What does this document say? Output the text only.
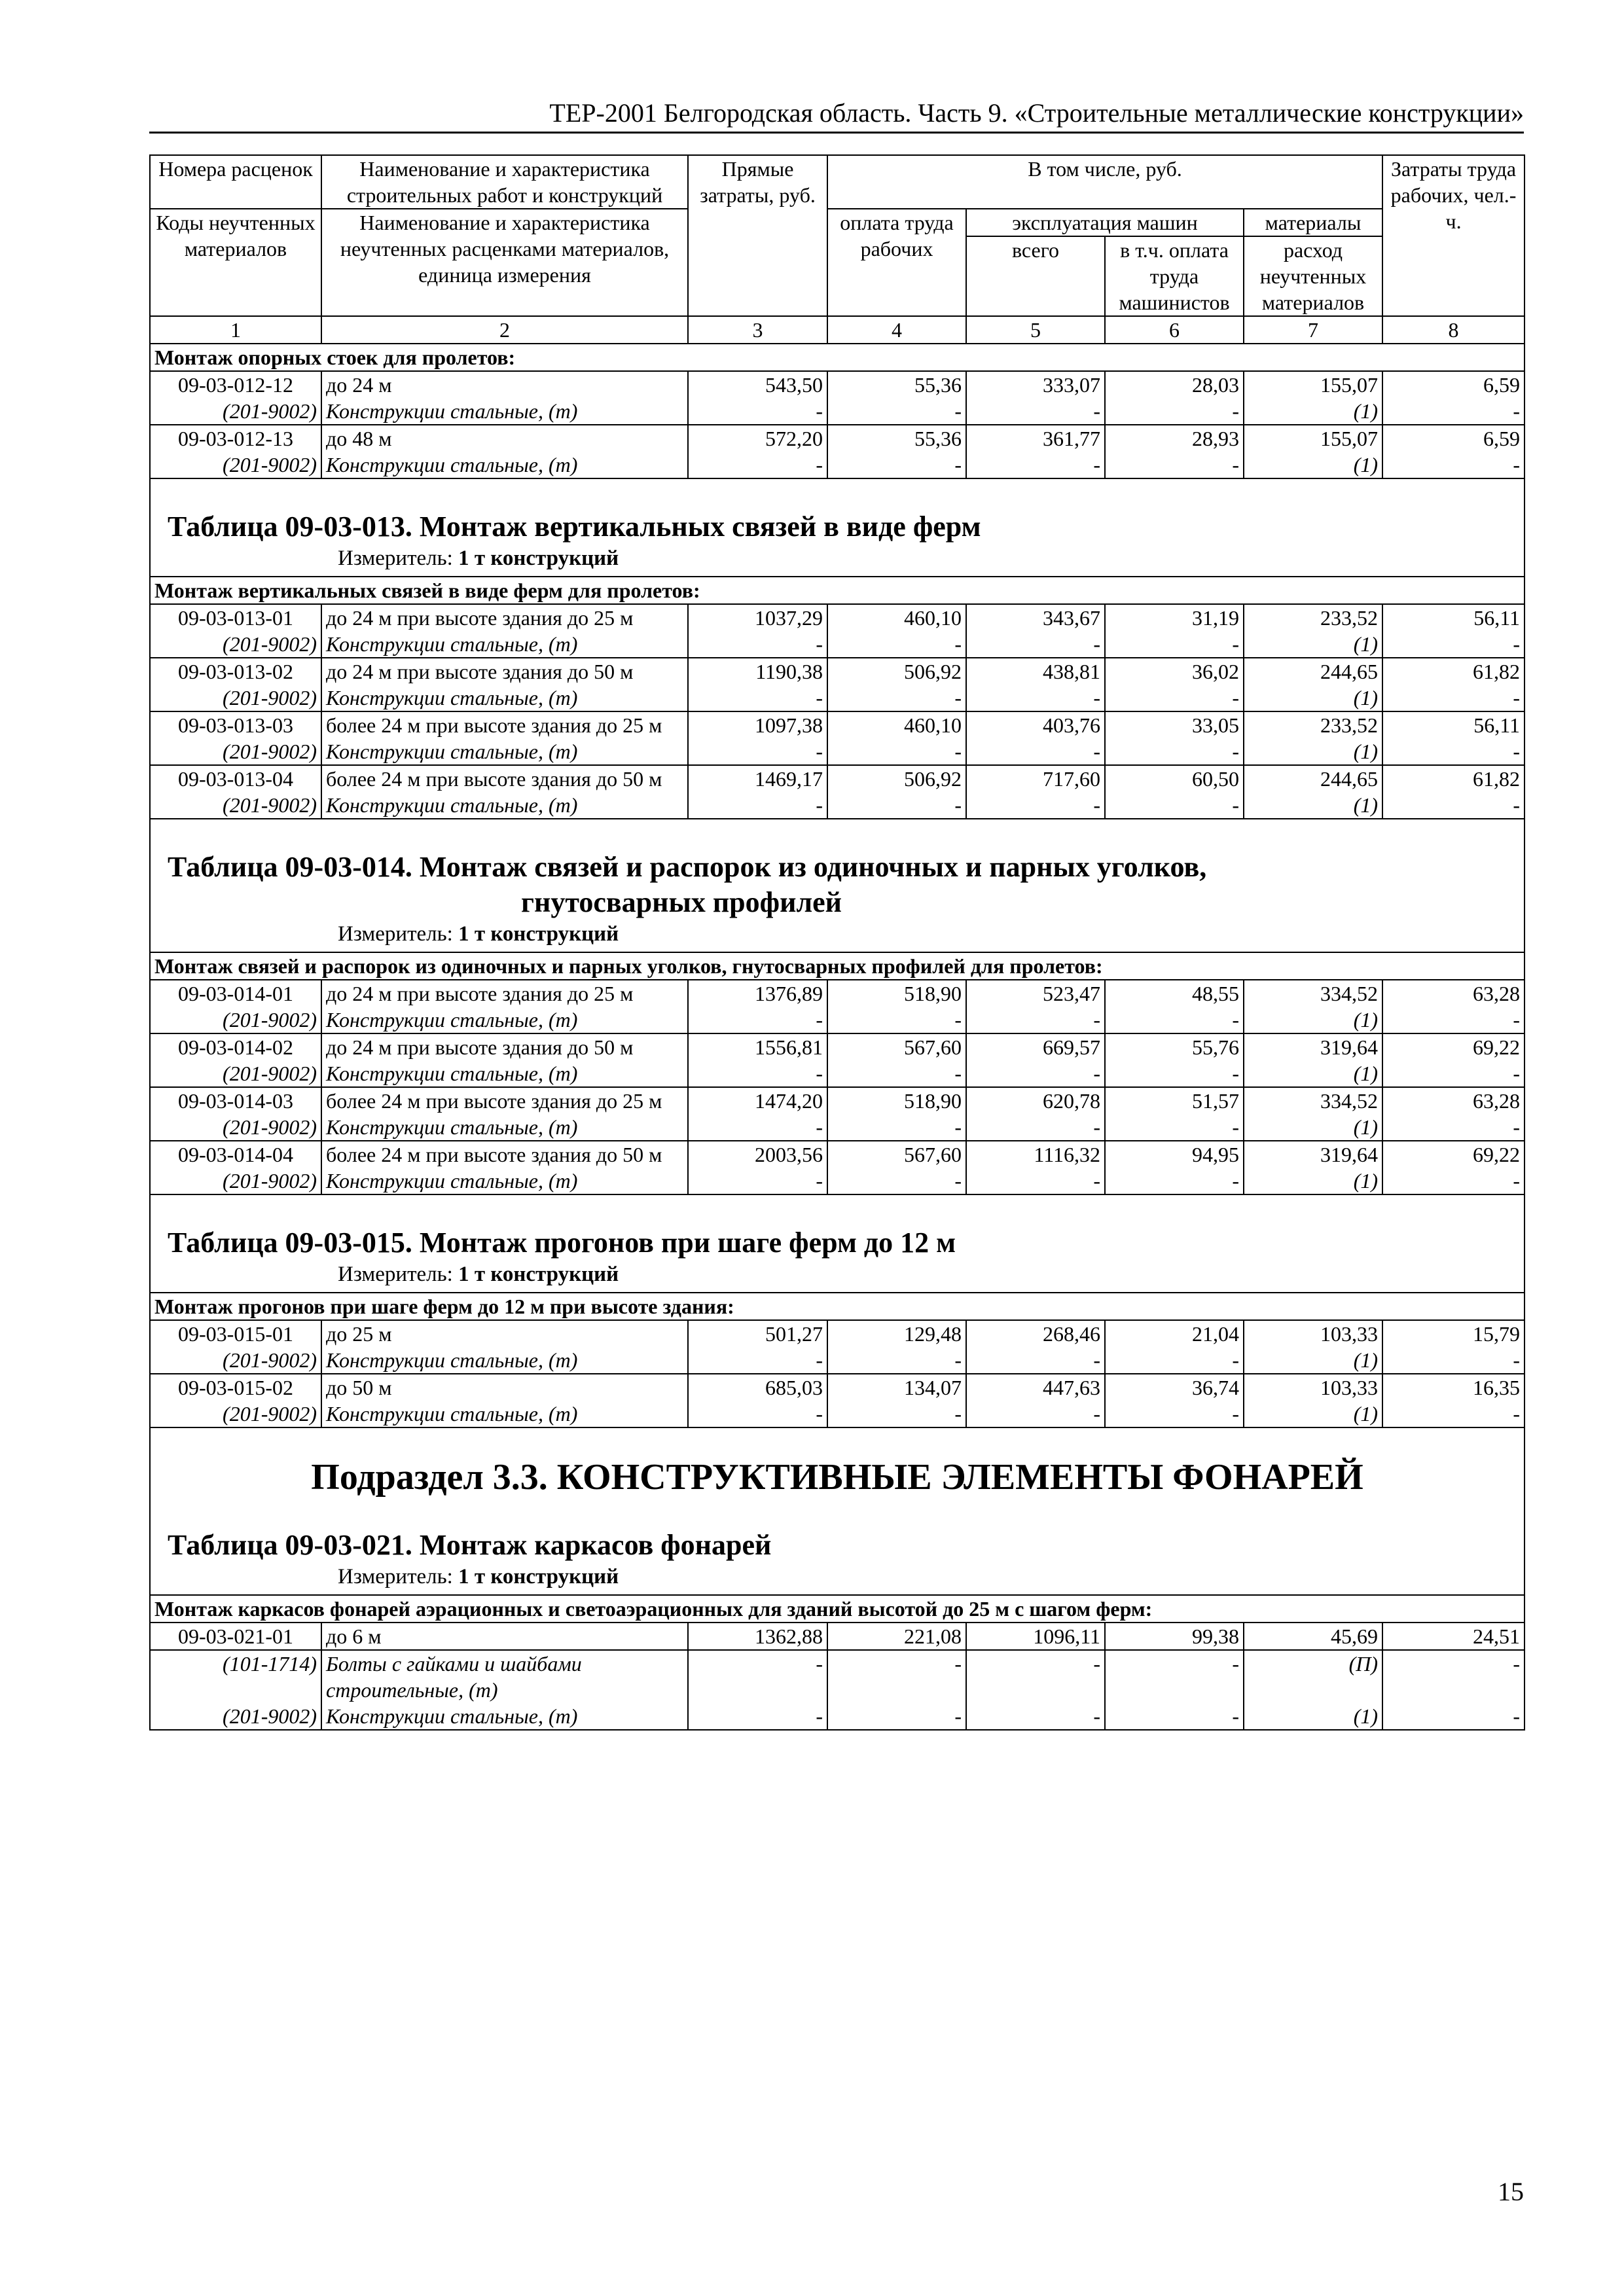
ТЕР-2001 Белгородская область. Часть 9. «Строительные металлические конструкции»
Номера расценок	Наименование и характеристика строительных работ и конструкций	Прямые затраты, руб.	В том числе, руб.				Затраты труда рабочих, чел.-ч.
Коды неучтенных материалов	Наименование и характеристика неучтенных расценками материалов, единица измерения		оплата труда рабочих	эксплуатация машин		материалы	
				всего	в т.ч. оплата труда машинистов	расход неучтенных материалов	
1	2	3	4	5	6	7	8
Монтаж опорных стоек для пролетов:							
09-03-012-12	до 24 м	543,50	55,36	333,07	28,03	155,07	6,59
(201-9002)	Конструкции стальные, (т)	-	-	-	-	(1)	-
09-03-012-13	до 48 м	572,20	55,36	361,77	28,93	155,07	6,59
(201-9002)	Конструкции стальные, (т)	-	-	-	-	(1)	-

Таблица 09-03-013. Монтаж вертикальных связей в виде ферм
Измеритель: 1 т конструкций							

Монтаж вертикальных связей в виде ферм для пролетов:							
09-03-013-01	до 24 м при высоте здания до 25 м	1037,29	460,10	343,67	31,19	233,52	56,11
(201-9002)	Конструкции стальные, (т)	-	-	-	-	(1)	-
09-03-013-02	до 24 м при высоте здания до 50 м	1190,38	506,92	438,81	36,02	244,65	61,82
(201-9002)	Конструкции стальные, (т)	-	-	-	-	(1)	-
09-03-013-03	более 24 м при высоте здания до 25 м	1097,38	460,10	403,76	33,05	233,52	56,11
(201-9002)	Конструкции стальные, (т)	-	-	-	-	(1)	-
09-03-013-04	более 24 м при высоте здания до 50 м	1469,17	506,92	717,60	60,50	244,65	61,82
(201-9002)	Конструкции стальные, (т)	-	-	-	-	(1)	-

Таблица 09-03-014. Монтаж связей и распорок из одиночных и парных уголков,
гнутосварных профилей
Измеритель: 1 т конструкций							

Монтаж связей и распорок из одиночных и парных уголков, гнутосварных профилей для пролетов:							
09-03-014-01	до 24 м при высоте здания до 25 м	1376,89	518,90	523,47	48,55	334,52	63,28
(201-9002)	Конструкции стальные, (т)	-	-	-	-	(1)	-
09-03-014-02	до 24 м при высоте здания до 50 м	1556,81	567,60	669,57	55,76	319,64	69,22
(201-9002)	Конструкции стальные, (т)	-	-	-	-	(1)	-
09-03-014-03	более 24 м при высоте здания до 25 м	1474,20	518,90	620,78	51,57	334,52	63,28
(201-9002)	Конструкции стальные, (т)	-	-	-	-	(1)	-
09-03-014-04	более 24 м при высоте здания до 50 м	2003,56	567,60	1116,32	94,95	319,64	69,22
(201-9002)	Конструкции стальные, (т)	-	-	-	-	(1)	-

Таблица 09-03-015. Монтаж прогонов при шаге ферм до 12 м
Измеритель: 1 т конструкций							

Монтаж прогонов при шаге ферм до 12 м при высоте здания:							
09-03-015-01	до 25 м	501,27	129,48	268,46	21,04	103,33	15,79
(201-9002)	Конструкции стальные, (т)	-	-	-	-	(1)	-
09-03-015-02	до 50 м	685,03	134,07	447,63	36,74	103,33	16,35
(201-9002)	Конструкции стальные, (т)	-	-	-	-	(1)	-

Подраздел 3.3. КОНСТРУКТИВНЫЕ ЭЛЕМЕНТЫ ФОНАРЕЙ
Таблица 09-03-021. Монтаж каркасов фонарей
Измеритель: 1 т конструкций							

Монтаж каркасов фонарей аэрационных и светоаэрационных для зданий высотой до 25 м с шагом ферм:							
09-03-021-01	до 6 м	1362,88	221,08	1096,11	99,38	45,69	24,51
(101-1714)	Болты с гайками и шайбами строительные, (т)	-	-	-	-	(П)	-
(201-9002)	Конструкции стальные, (т)	-	-	-	-	(1)	-
15
